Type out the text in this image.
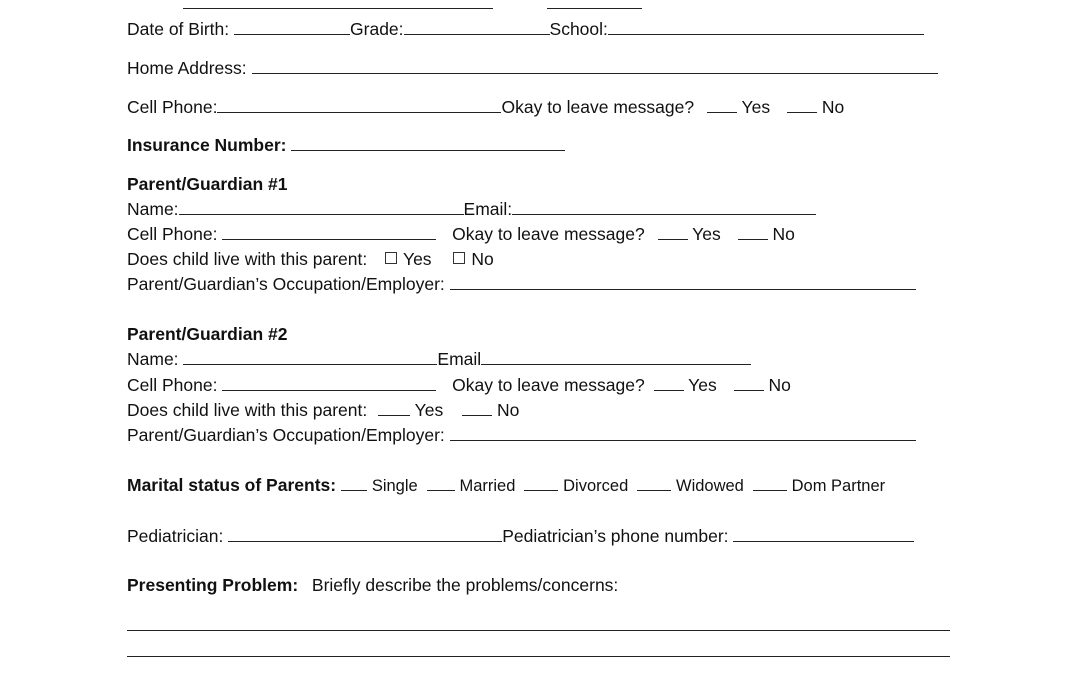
Date of Birth:	Grade:	School:
Home Address:
Cell Phone:	Okay to leave message?	Yes	No
Insurance Number:
Parent/Guardian #1
Name:	Email:
Cell Phone:	Okay to leave message?	Yes	No
Does child live with this parent: Yes No
Parent/Guardian’s Occupation/Employer:
Parent/Guardian #2
Name:	Email
Cell Phone:	Okay to leave message? Yes	No
Does child live with this parent:	Yes	No
Parent/Guardian’s Occupation/Employer:
Marital status of Parents: Single	Married	Divorced	Widowed	Dom Partner
Pediatrician:	Pediatrician’s phone number:
Presenting Problem: Briefly describe the problems/concerns:
